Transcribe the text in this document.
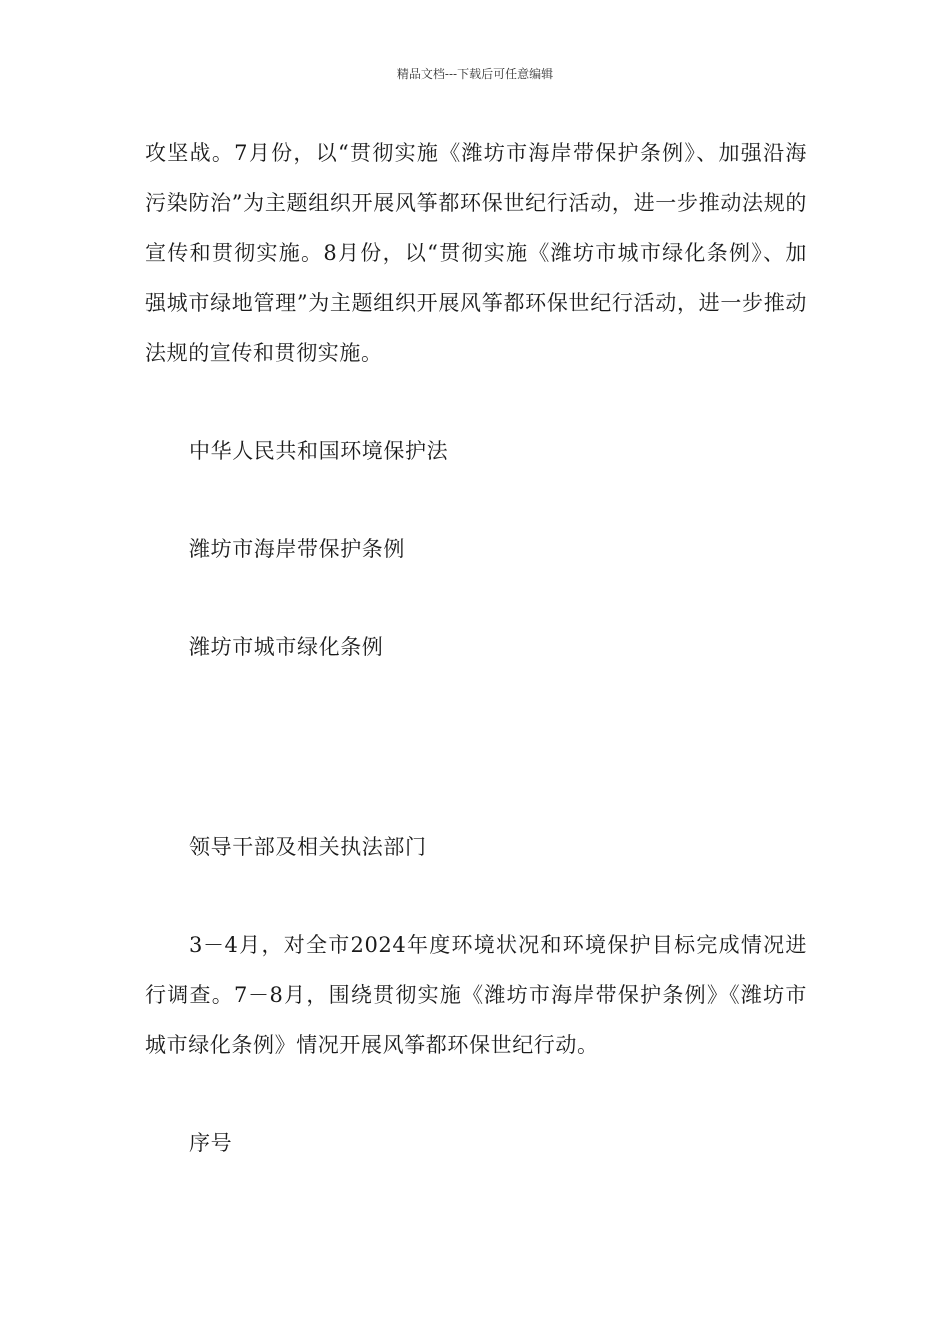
精品文档---下载后可任意编辑

攻坚战。7月份，以“贯彻实施《潍坊市海岸带保护条例》、加强沿海污染防治”为主题组织开展风筝都环保世纪行活动，进一步推动法规的宣传和贯彻实施。8月份，以“贯彻实施《潍坊市城市绿化条例》、加强城市绿地管理”为主题组织开展风筝都环保世纪行活动，进一步推动法规的宣传和贯彻实施。

中华人民共和国环境保护法

潍坊市海岸带保护条例

潍坊市城市绿化条例

领导干部及相关执法部门

3－4月，对全市2024年度环境状况和环境保护目标完成情况进行调查。7－8月，围绕贯彻实施《潍坊市海岸带保护条例》《潍坊市城市绿化条例》情况开展风筝都环保世纪行动。

序号
